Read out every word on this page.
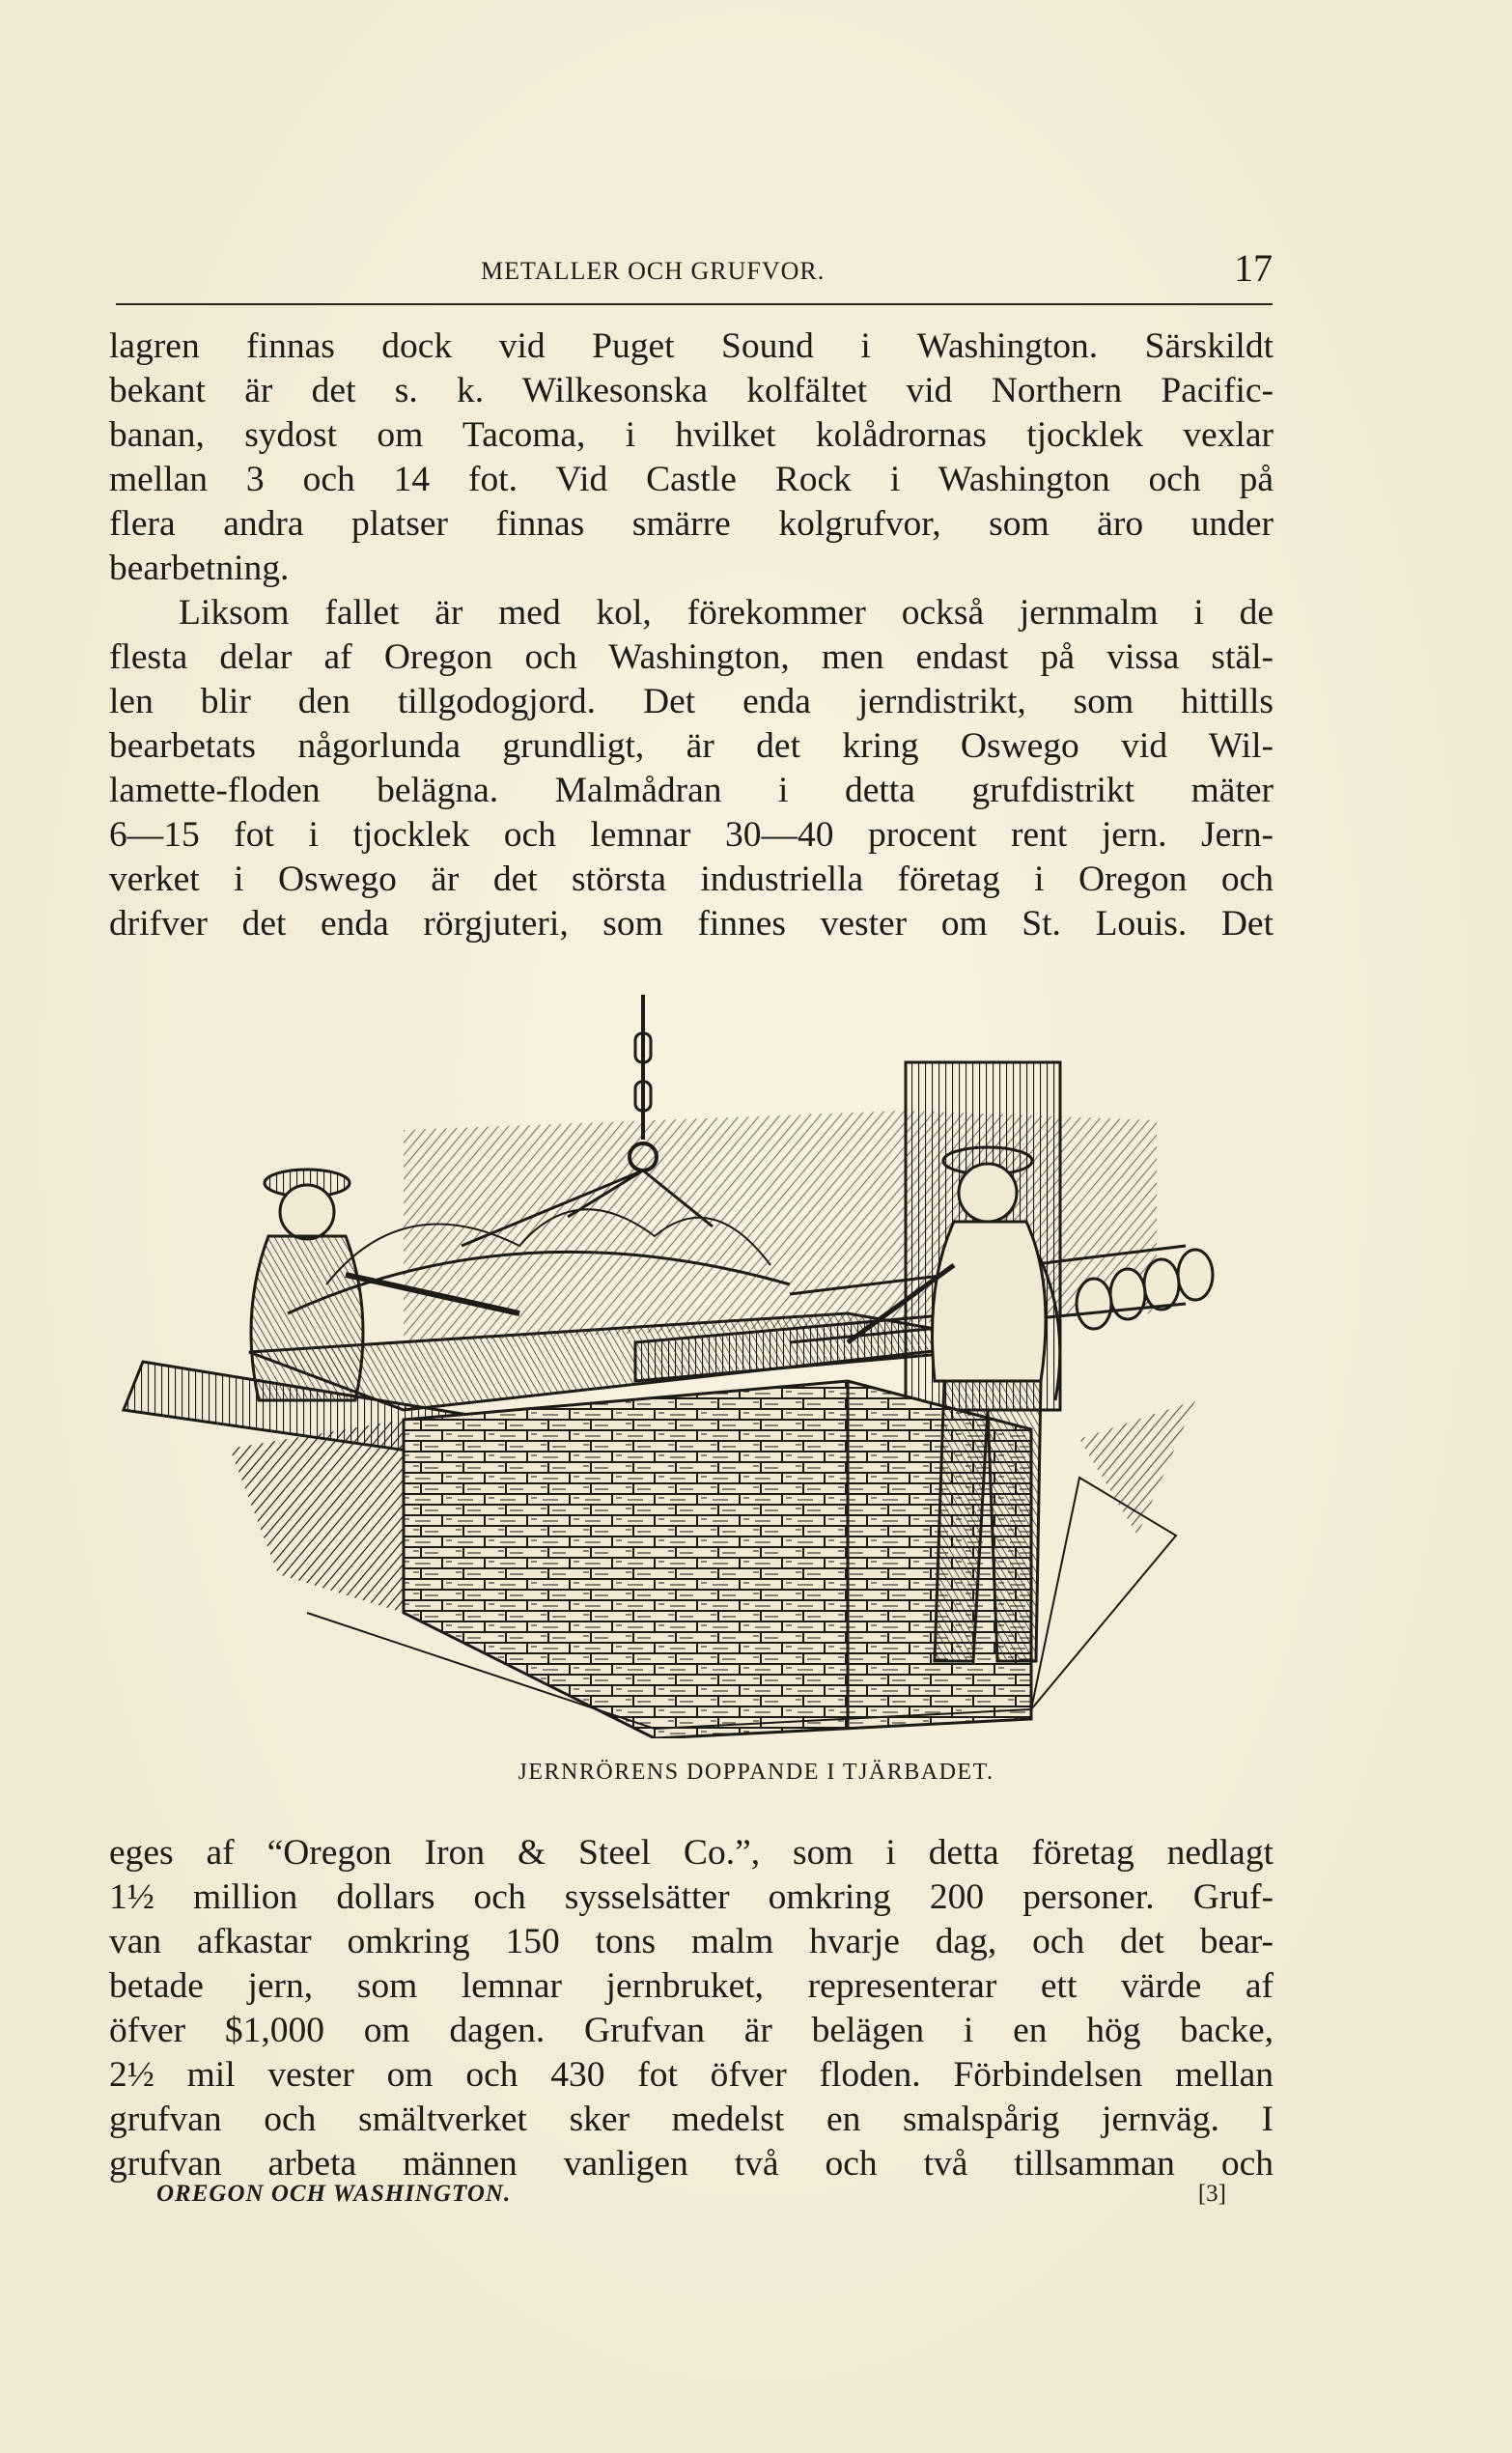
METALLER OCH GRUFVOR.	17
lagren finnas dock vid Puget Sound i Washington. Särskildt
bekant är det s. k. Wilkesonska kolfältet vid Northern Pacific-
banan, sydost om Tacoma, i hvilket kolådrornas tjocklek vexlar
mellan 3 och 14 fot. Vid Castle Rock i Washington och på
flera andra platser finnas smärre kolgrufvor, som äro under
bearbetning.
Liksom fallet är med kol, förekommer också jernmalm i de
flesta delar af Oregon och Washington, men endast på vissa stäl-
len blir den tillgodogjord. Det enda jerndistrikt, som hittills
bearbetats någorlunda grundligt, är det kring Oswego vid Wil-
lamette-floden belägna. Malmådran i detta grufdistrikt mäter
6—15 fot i tjocklek och lemnar 30—40 procent rent jern. Jern-
verket i Oswego är det största industriella företag i Oregon och
drifver det enda rörgjuteri, som finnes vester om St. Louis. Det
JERNRÖRENS DOPPANDE I TJÄRBADET.
eges af “Oregon Iron & Steel Co.”, som i detta företag nedlagt
1½ million dollars och sysselsätter omkring 200 personer. Gruf-
van afkastar omkring 150 tons malm hvarje dag, och det bear-
betade jern, som lemnar jernbruket, representerar ett värde af
öfver $1,000 om dagen. Grufvan är belägen i en hög backe,
2½ mil vester om och 430 fot öfver floden. Förbindelsen mellan
grufvan och smältverket sker medelst en smalspårig jernväg. I
grufvan arbeta männen vanligen två och två tillsamman och
OREGON OCH WASHINGTON.	[3]
